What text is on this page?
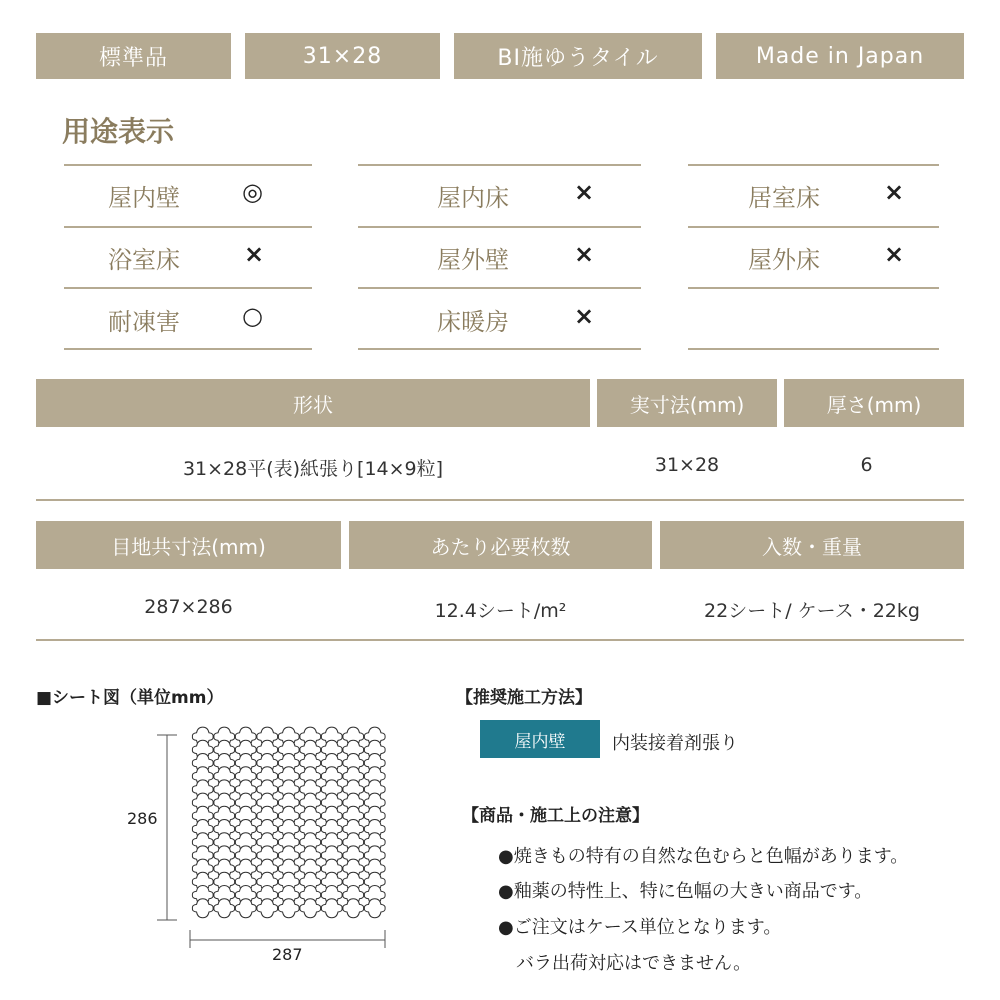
標準品	31×28	BI施ゆうタイル	Made in Japan
用途表示
屋内壁	◎	屋内床	×	居室床	×
浴室床	×	屋外壁	×	屋外床	×
耐凍害	○	床暖房	×
形状	実寸法(mm)	厚さ(mm)
31×28平(表)紙張り[14×9粒]	31×28	6
目地共寸法(mm)	あたり必要枚数	入数・重量
287×286	12.4シート/m²	22シート/ ケース・22kg
■シート図（単位mm）
286
287
【推奨施工方法】
屋内壁	内装接着剤張り
【商品・施工上の注意】
●焼きもの特有の自然な色むらと色幅があります。
●釉薬の特性上、特に色幅の大きい商品です。
●ご注文はケース単位となります。
バラ出荷対応はできません。
